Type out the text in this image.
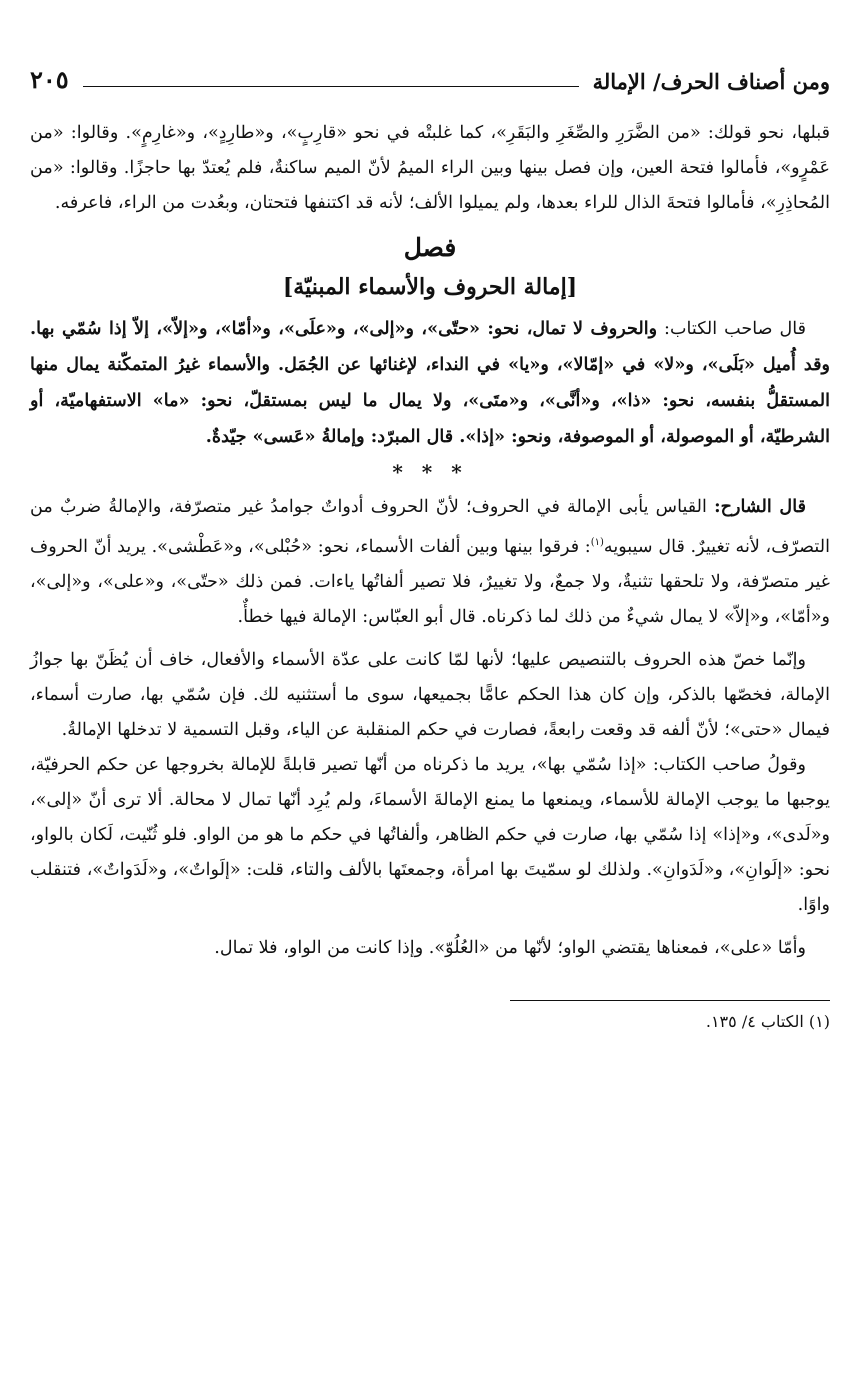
ومن أصناف الحرف/ الإمالة
٢٠٥

قبلها، نحو قولك: «من الضَّرَرِ والصِّغَرِ والبَقَرِ»، كما غلبتْه في نحو «قارِبٍ»، و«طارِدٍ»، و«غارِمٍ». وقالوا: «من عَمْرٍو»، فأمالوا فتحة العين، وإن فصل بينها وبين الراء الميمُ لأنّ الميم ساكنةٌ، فلم يُعتدّ بها حاجزًا. وقالوا: «من المُحاذِرِ»، فأمالوا فتحةَ الذال للراء بعدها، ولم يميلوا الألف؛ لأنه قد اكتنفها فتحتان، وبعُدت من الراء، فاعرفه.

فصل
[إمالة الحروف والأسماء المبنيّة]

قال صاحب الكتاب: والحروف لا تمال، نحو: «حتّى»، و«إلى»، و«علَى»، و«أمّا»، و«إلاّ»، إلاّ إذا سُمّي بها. وقد أُميل «بَلَى»، و«لا» في «إمّالا»، و«يا» في النداء، لإغنائها عن الجُمَل. والأسماء غيرُ المتمكّنة يمال منها المستقلُّ بنفسه، نحو: «ذا»، و«أنَّى»، و«متَى»، ولا يمال ما ليس بمستقلّ، نحو: «ما» الاستفهاميّة، أو الشرطيّة، أو الموصولة، أو الموصوفة، ونحو: «إذا». قال المبرّد: وإمالةُ «عَسى» جيّدةٌ.

* * *

قال الشارح: القياس يأبى الإمالة في الحروف؛ لأنّ الحروف أدواتٌ جوامدُ غير متصرّفة، والإمالةُ ضربٌ من التصرّف، لأنه تغييرٌ. قال سيبويه$^{(١)}$: فرقوا بينها وبين ألفات الأسماء، نحو: «حُبْلى»، و«عَطْشى». يريد أنّ الحروف غير متصرّفة، ولا تلحقها تثنيةٌ، ولا جمعٌ، ولا تغييرٌ، فلا تصير ألفاتُها ياءات. فمن ذلك «حتّى»، و«على»، و«إلى»، و«أمّا»، و«إلاّ» لا يمال شيءٌ من ذلك لما ذكرناه. قال أبو العبّاس: الإمالة فيها خطأٌ.

وإنّما خصّ هذه الحروف بالتنصيص عليها؛ لأنها لمّا كانت على عدّة الأسماء والأفعال، خاف أن يُظَنّ بها جوازُ الإمالة، فخصّها بالذكر، وإن كان هذا الحكم عامًّا بجميعها، سوى ما أستثنيه لك. فإن سُمّي بها، صارت أسماء، فيمال «حتى»؛ لأنّ ألفه قد وقعت رابعةً، فصارت في حكم المنقلبة عن الياء، وقبل التسمية لا تدخلها الإمالةُ.

وقولُ صاحب الكتاب: «إذا سُمّي بها»، يريد ما ذكرناه من أنّها تصير قابلةً للإمالة بخروجها عن حكم الحرفيّة، يوجبها ما يوجب الإمالة للأسماء، ويمنعها ما يمنع الإمالةَ الأسماءَ، ولم يُرِد أنّها تمال لا محالة. ألا ترى أنّ «إلى»، و«لَدى»، و«إذا» إذا سُمّي بها، صارت في حكم الظاهر، وألفاتُها في حكم ما هو من الواو. فلو ثُنّيت، لَكان بالواو، نحو: «إلَوانِ»، و«لَدَوانِ». ولذلك لو سمّيتَ بها امرأة، وجمعتَها بالألف والتاء، قلت: «إلَواتٌ»، و«لَدَواتٌ»، فتنقلب واوًا.

وأمّا «على»، فمعناها يقتضي الواو؛ لأنّها من «العُلُوّ». وإذا كانت من الواو، فلا تمال.

(١) الكتاب ٤/ ١٣٥.
